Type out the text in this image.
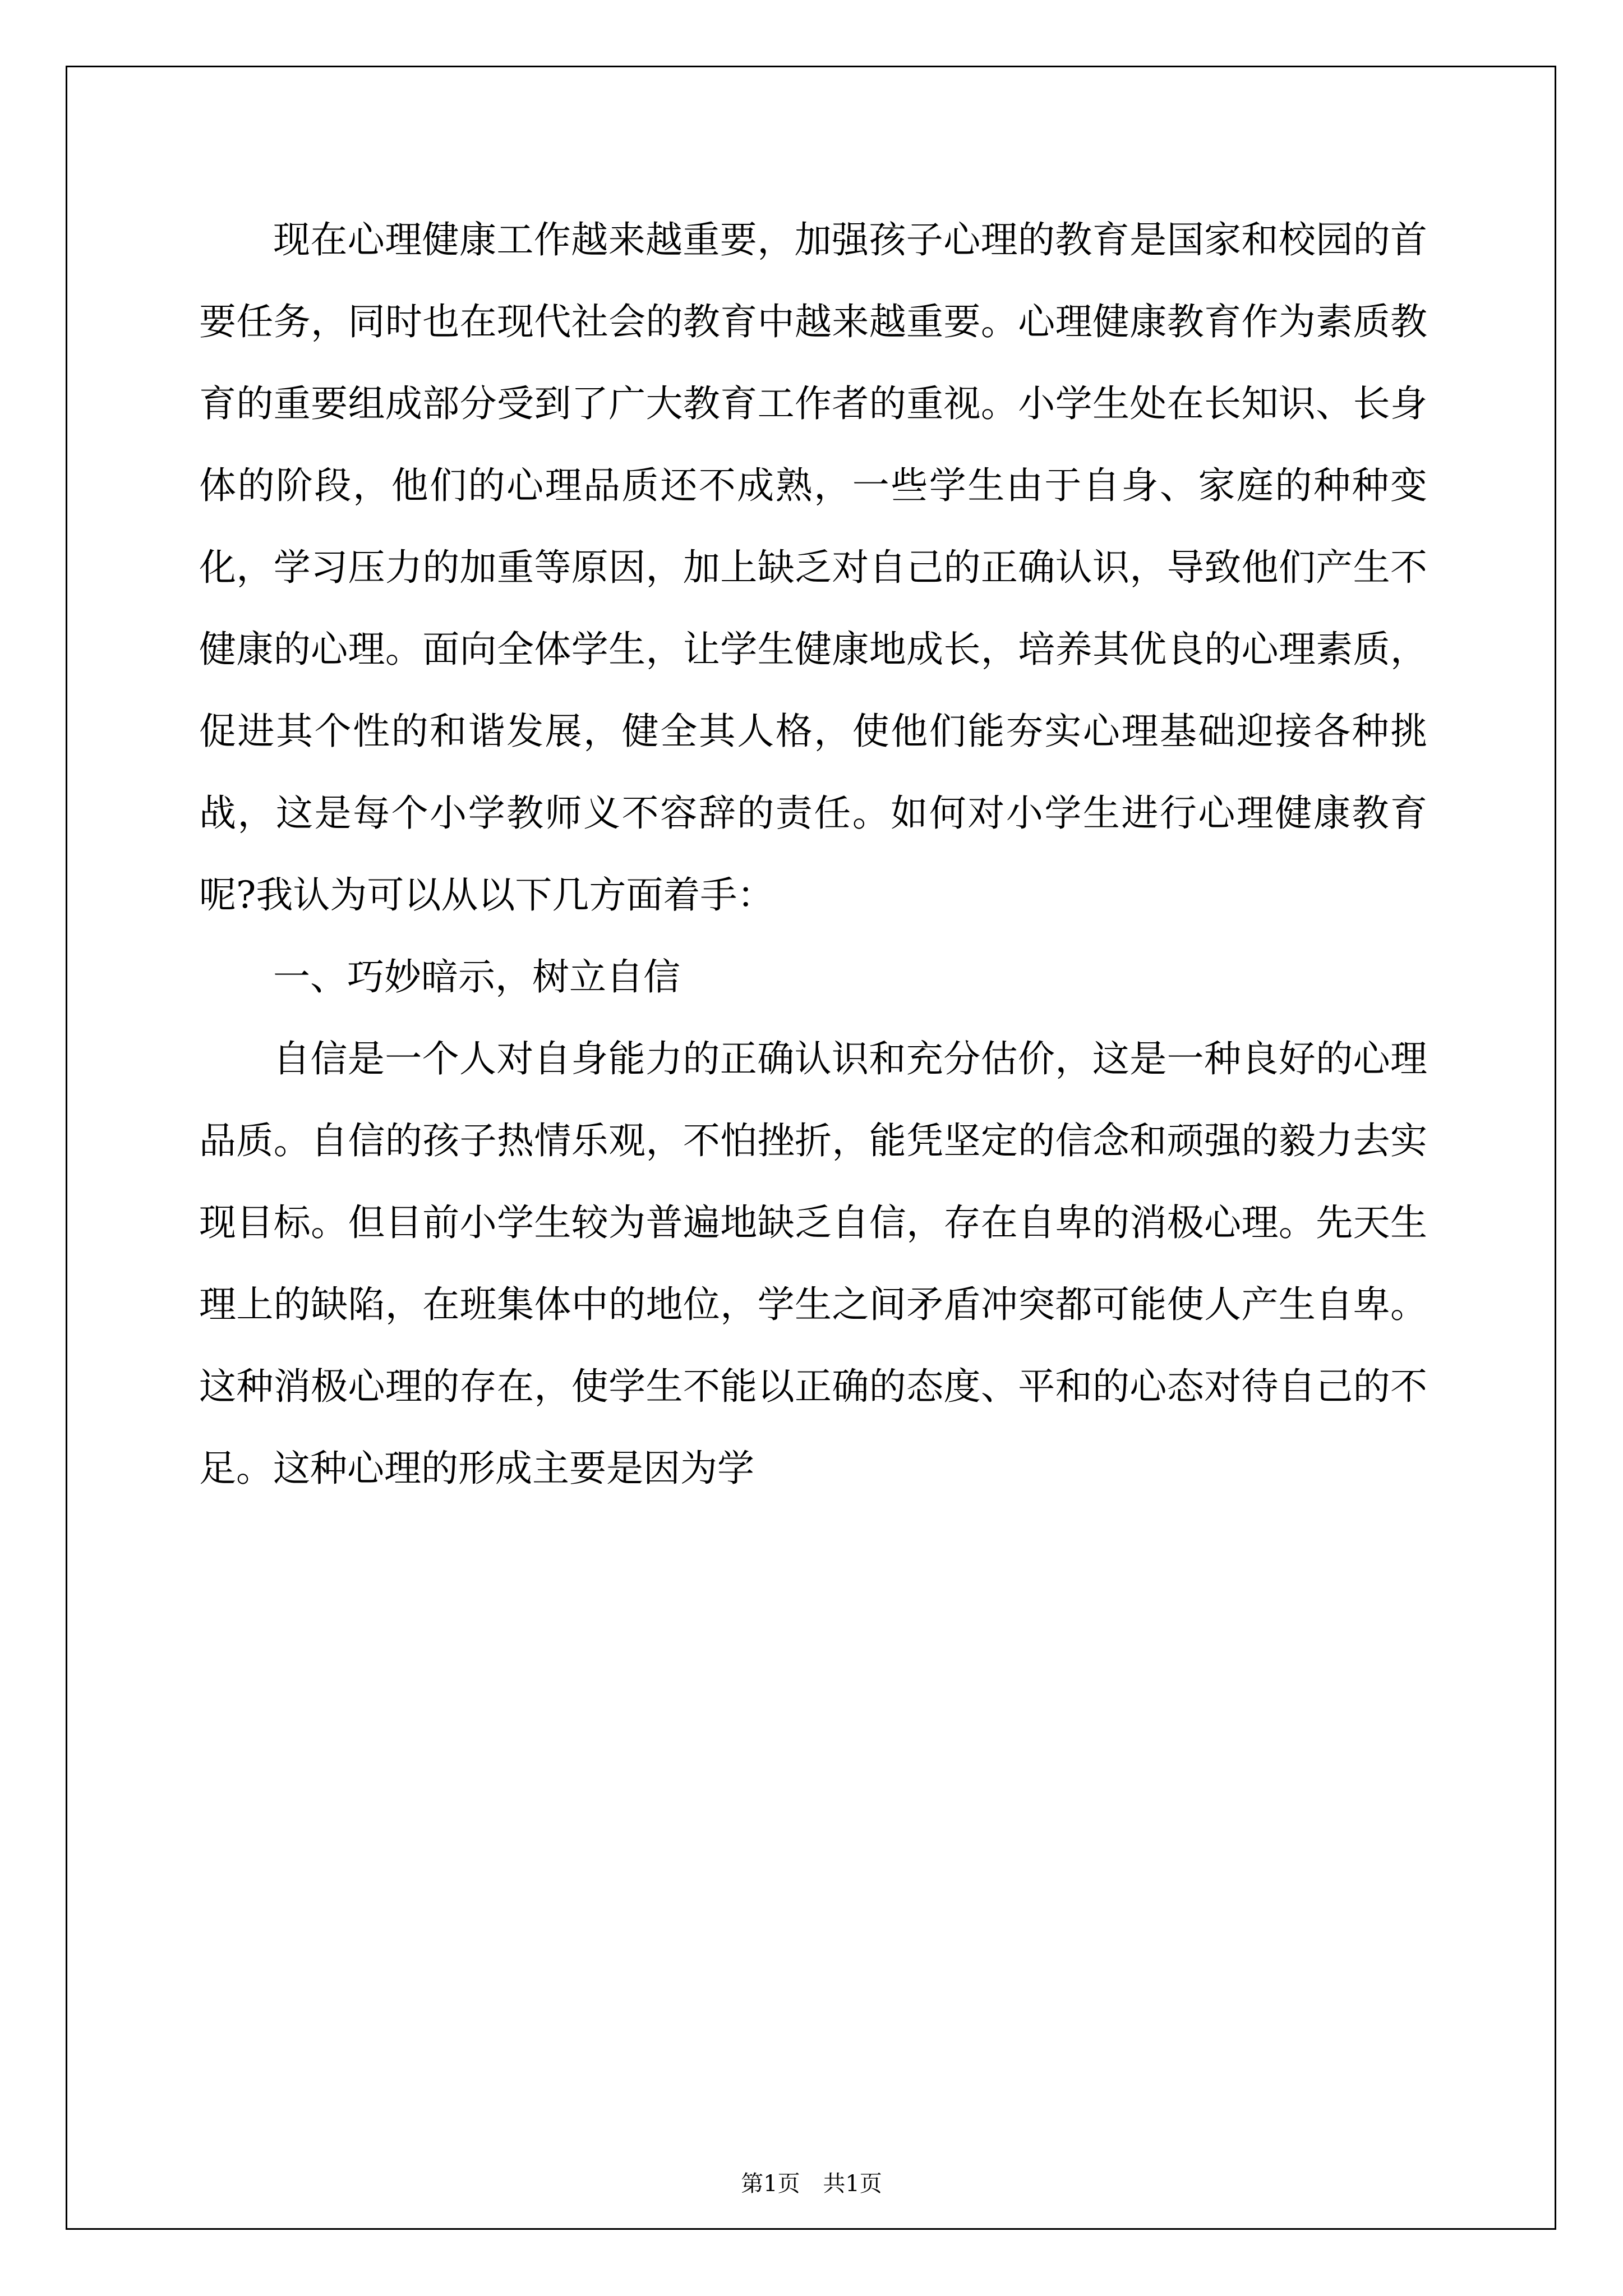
现在心理健康工作越来越重要，加强孩子心理的教育是国家和校园的首要任务，同时也在现代社会的教育中越来越重要。心理健康教育作为素质教育的重要组成部分受到了广大教育工作者的重视。小学生处在长知识、长身体的阶段，他们的心理品质还不成熟，一些学生由于自身、家庭的种种变化，学习压力的加重等原因，加上缺乏对自己的正确认识，导致他们产生不健康的心理。面向全体学生，让学生健康地成长，培养其优良的心理素质，促进其个性的和谐发展，健全其人格，使他们能夯实心理基础迎接各种挑战，这是每个小学教师义不容辞的责任。如何对小学生进行心理健康教育呢?我认为可以从以下几方面着手：

一、巧妙暗示，树立自信

自信是一个人对自身能力的正确认识和充分估价，这是一种良好的心理品质。自信的孩子热情乐观，不怕挫折，能凭坚定的信念和顽强的毅力去实现目标。但目前小学生较为普遍地缺乏自信，存在自卑的消极心理。先天生理上的缺陷，在班集体中的地位，学生之间矛盾冲突都可能使人产生自卑。这种消极心理的存在，使学生不能以正确的态度、平和的心态对待自己的不足。这种心理的形成主要是因为学

第1页 共1页
